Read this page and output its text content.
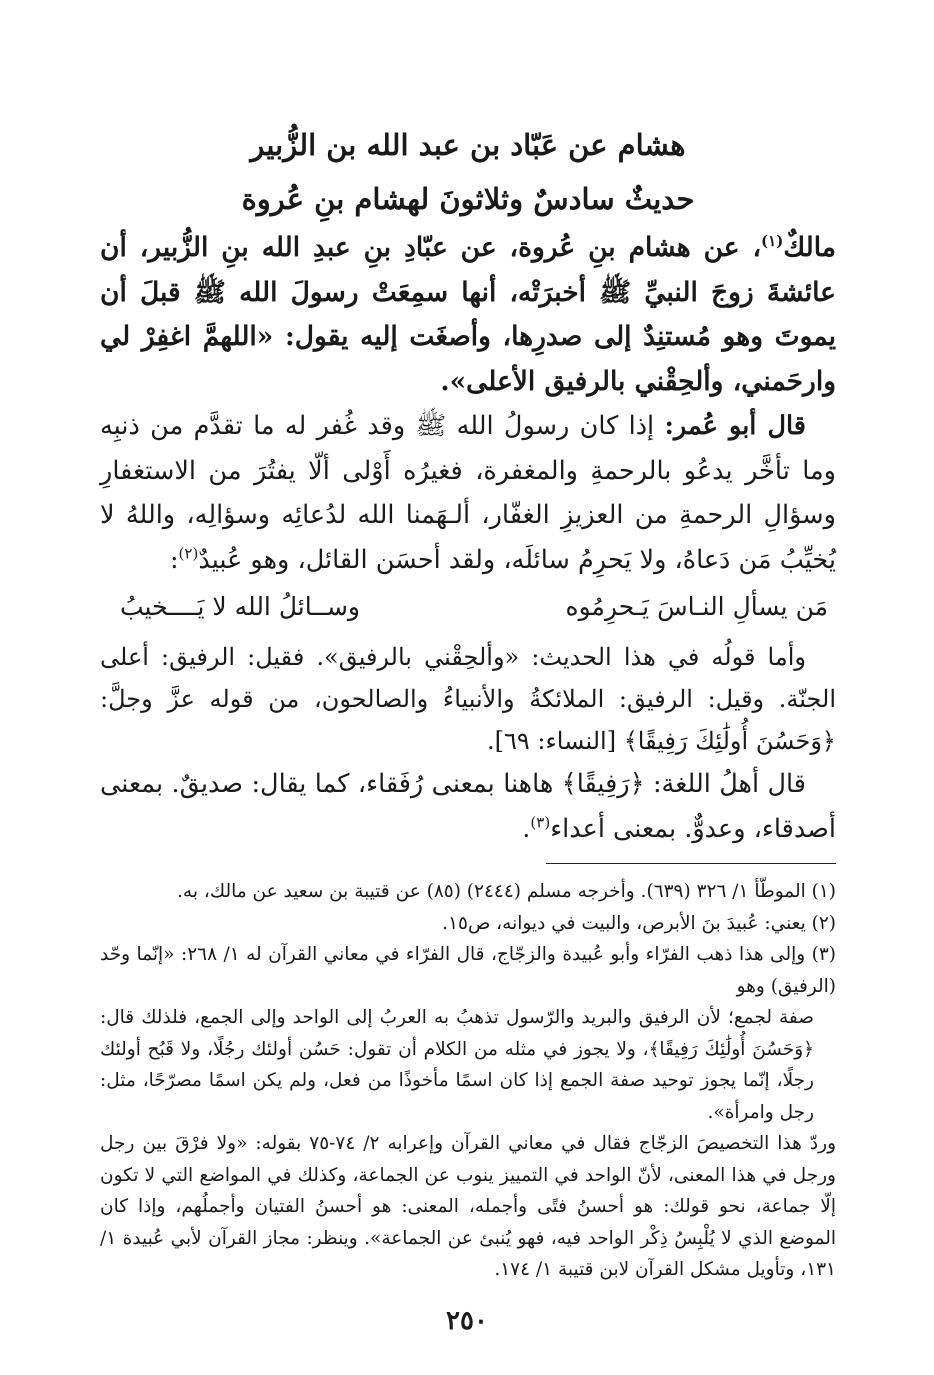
هشام عن عَبّاد بن عبد الله بن الزُّبير
حديثٌ سادسٌ وثلاثونَ لهشام بنِ عُروة

مالكٌ$^{(١)}$، عن هشام بنِ عُروة، عن عبّادِ بنِ عبدِ الله بنِ الزُّبير، أن عائشةَ زوجَ النبيِّ ﷺ أخبرَتْه، أنها سمِعَتْ رسولَ الله ﷺ قبلَ أن يموتَ وهو مُستنِدٌ إلى صدرِها، وأصغَت إليه يقول: «اللهمَّ اغفِرْ لي وارحَمني، وألحِقْني بالرفيق الأعلى».

قال أبو عُمر: إذا كان رسولُ الله ﷺ وقد غُفر له ما تقدَّم من ذنبِه وما تأخَّر يدعُو بالرحمةِ والمغفرة، فغيرُه أَوْلى ألّا يفتُرَ من الاستغفارِ وسؤالِ الرحمةِ من العزيزِ الغفّار، ألـهَمنا الله لدُعائِه وسؤالِه، واللهُ لا يُخيِّبُ مَن دَعاهُ، ولا يَحرِمُ سائلَه، ولقد أحسَن القائل، وهو عُبيدٌ$^{(٢)}$:

مَن يسألِ النـاسَ يَـحرِمُوه
وســائلُ الله لا يَــــخيبُ

وأما قولُه في هذا الحديث: «وألحِقْني بالرفيق». فقيل: الرفيق: أعلى الجنّة. وقيل: الرفيق: الملائكةُ والأنبياءُ والصالحون، من قوله عزَّ وجلَّ: ﴿وَحَسُنَ أُولَٰئِكَ رَفِيقًا﴾ [النساء: ٦٩].

قال أهلُ اللغة: ﴿رَفِيقًا﴾ هاهنا بمعنى رُفَقاء، كما يقال: صديقٌ. بمعنى أصدقاء، وعدوٌّ. بمعنى أعداء$^{(٣)}$.

(١) الموطّأ ١/ ٣٢٦ (٦٣٩). وأخرجه مسلم (٢٤٤٤) (٨٥) عن قتيبة بن سعيد عن مالك، به.

(٢) يعني: عُبيدَ بنَ الأبرص، والبيت في ديوانه، ص١٥.

(٣) وإلى هذا ذهب الفرّاء وأبو عُبيدة والزجّاج، قال الفرّاء في معاني القرآن له ١/ ٢٦٨: «إنّما وحّد (الرفيق) وهو

صفة لجمع؛ لأن الرفيق والبريد والرّسول تذهبُ به العربُ إلى الواحد وإلى الجمع، فلذلك قال: ﴿وَحَسُنَ أُولَٰئِكَ رَفِيقًا﴾، ولا يجوز في مثله من الكلام أن تقول: حَسُن أولئك رجُلًا، ولا قَبُح أولئك رجلًا، إنّما يجوز توحيد صفة الجمع إذا كان اسمًا مأخوذًا من فعل، ولم يكن اسمًا مصرّحًا، مثل: رجل وامرأة».

وردّ هذا التخصيصَ الزجّاج فقال في معاني القرآن وإعرابه ٢/ ٧٤-٧٥ بقوله: «ولا فرْقَ بين رجل ورجل في هذا المعنى، لأنّ الواحد في التمييز ينوب عن الجماعة، وكذلك في المواضع التي لا تكون إلّا جماعة، نحو قولك: هو أحسنُ فتًى وأجمله، المعنى: هو أحسنُ الفتيان وأجملُهم، وإذا كان الموضع الذي لا يُلْبِسُ ذِكْر الواحد فيه، فهو يُنبئ عن الجماعة». وينظر: مجاز القرآن لأبي عُبيدة ١/ ١٣١، وتأويل مشكل القرآن لابن قتيبة ١/ ١٧٤.

٢٥٠
